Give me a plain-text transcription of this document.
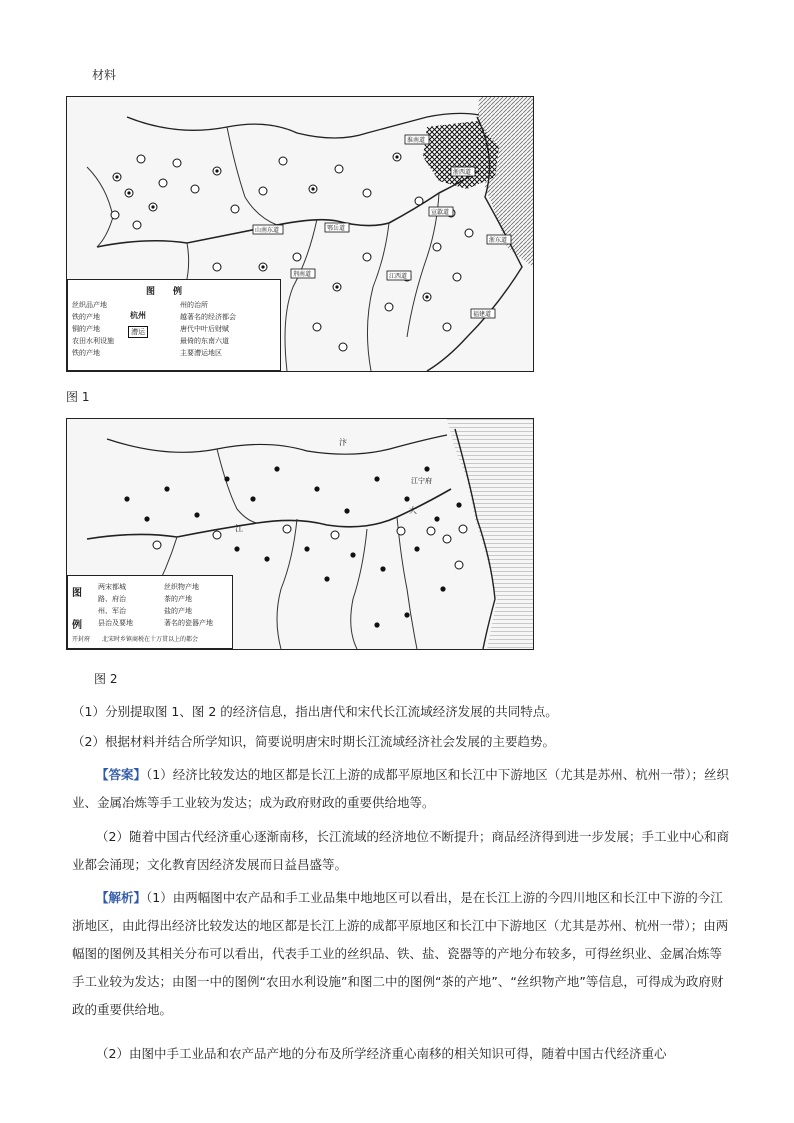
材料
浙西道
浙东道
宣歙道
淮南道
鄂岳道
江西道
福建道
荆南道
山南东道
图　　例
丝织品产地
铁的产地
铜的产地
农田水利设施
铁的产地
杭州
漕运
州的治所
越著名的经济都会
唐代中叶后财赋
最倚的东南六道
主要漕运地区
图 1
江宁府
江
大
汴
图
例
两宋都城
路、府治
州、军治
县治及要地
丝织物产地
茶的产地
盐的产地
著名的瓷器产地
开封府 北宋时乡镇商税在十万贯以上的都会
图 2
（1）分别提取图 1、图 2 的经济信息，指出唐代和宋代长江流域经济发展的共同特点。
（2）根据材料并结合所学知识，简要说明唐宋时期长江流域经济社会发展的主要趋势。
【答案】（1）经济比较发达的地区都是长江上游的成都平原地区和长江中下游地区（尤其是苏州、杭州一带）；丝织业、金属冶炼等手工业较为发达；成为政府财政的重要供给地等。
（2）随着中国古代经济重心逐渐南移，长江流域的经济地位不断提升；商品经济得到进一步发展；手工业中心和商业都会涌现；文化教育因经济发展而日益昌盛等。
【解析】（1）由两幅图中农产品和手工业品集中地地区可以看出，是在长江上游的今四川地区和长江中下游的今江浙地区，由此得出经济比较发达的地区都是长江上游的成都平原地区和长江中下游地区（尤其是苏州、杭州一带）；由两幅图的图例及其相关分布可以看出，代表手工业的丝织品、铁、盐、瓷器等的产地分布较多，可得丝织业、金属冶炼等手工业较为发达；由图一中的图例“农田水利设施”和图二中的图例“茶的产地”、“丝织物产地”等信息，可得成为政府财政的重要供给地。
（2）由图中手工业品和农产品产地的分布及所学经济重心南移的相关知识可得，随着中国古代经济重心
